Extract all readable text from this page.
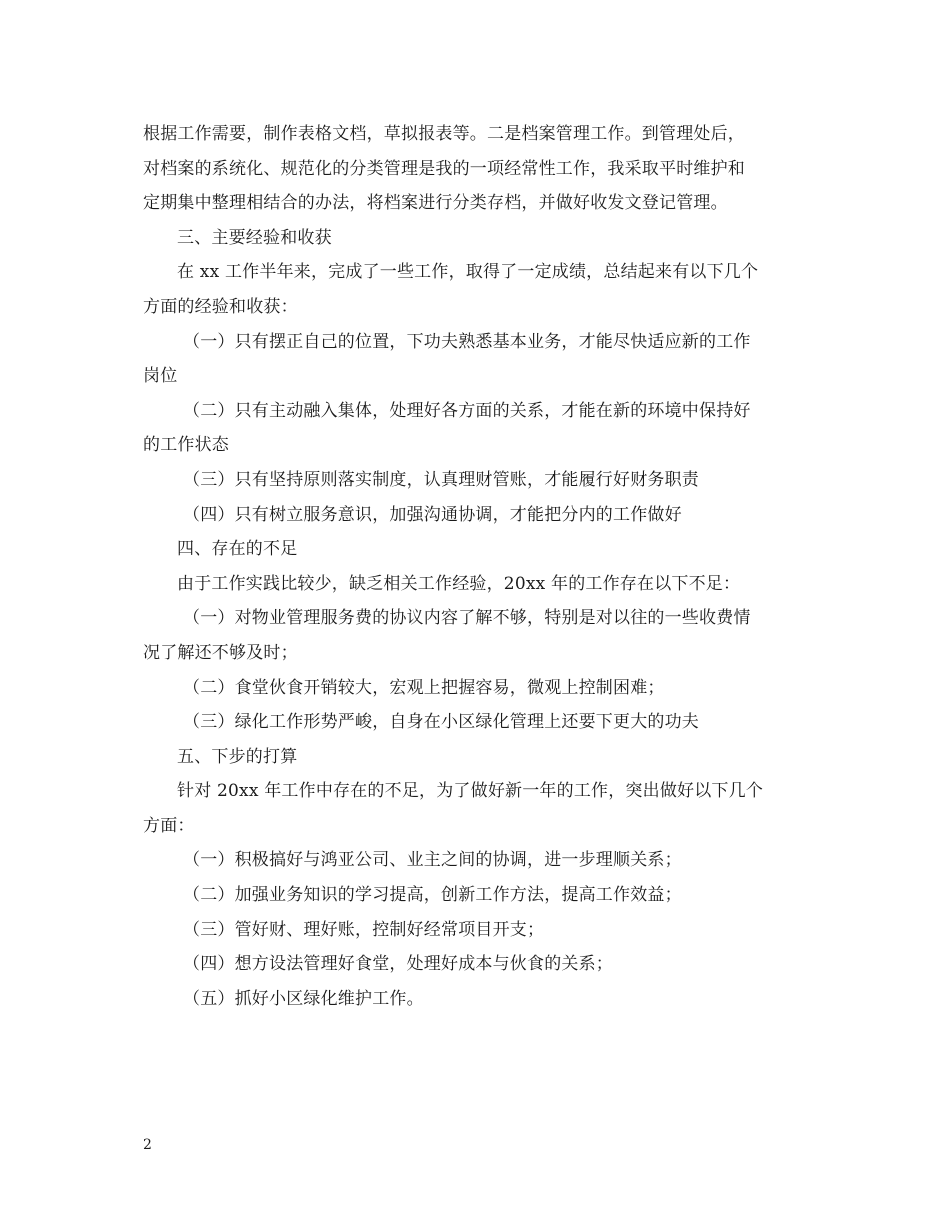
根据工作需要，制作表格文档，草拟报表等。二是档案管理工作。到管理处后，
对档案的系统化、规范化的分类管理是我的一项经常性工作，我采取平时维护和
定期集中整理相结合的办法，将档案进行分类存档，并做好收发文登记管理。
三、主要经验和收获
在 xx 工作半年来，完成了一些工作，取得了一定成绩，总结起来有以下几个
方面的经验和收获：
（一）只有摆正自己的位置，下功夫熟悉基本业务，才能尽快适应新的工作
岗位
（二）只有主动融入集体，处理好各方面的关系，才能在新的环境中保持好
的工作状态
（三）只有坚持原则落实制度，认真理财管账，才能履行好财务职责
（四）只有树立服务意识，加强沟通协调，才能把分内的工作做好
四、存在的不足
由于工作实践比较少，缺乏相关工作经验，20xx 年的工作存在以下不足：
（一）对物业管理服务费的协议内容了解不够，特别是对以往的一些收费情
况了解还不够及时；
（二）食堂伙食开销较大，宏观上把握容易，微观上控制困难；
（三）绿化工作形势严峻，自身在小区绿化管理上还要下更大的功夫
五、下步的打算
针对 20xx 年工作中存在的不足，为了做好新一年的工作，突出做好以下几个
方面：
（一）积极搞好与鸿亚公司、业主之间的协调，进一步理顺关系；
（二）加强业务知识的学习提高，创新工作方法，提高工作效益；
（三）管好财、理好账，控制好经常项目开支；
（四）想方设法管理好食堂，处理好成本与伙食的关系；
（五）抓好小区绿化维护工作。
2
